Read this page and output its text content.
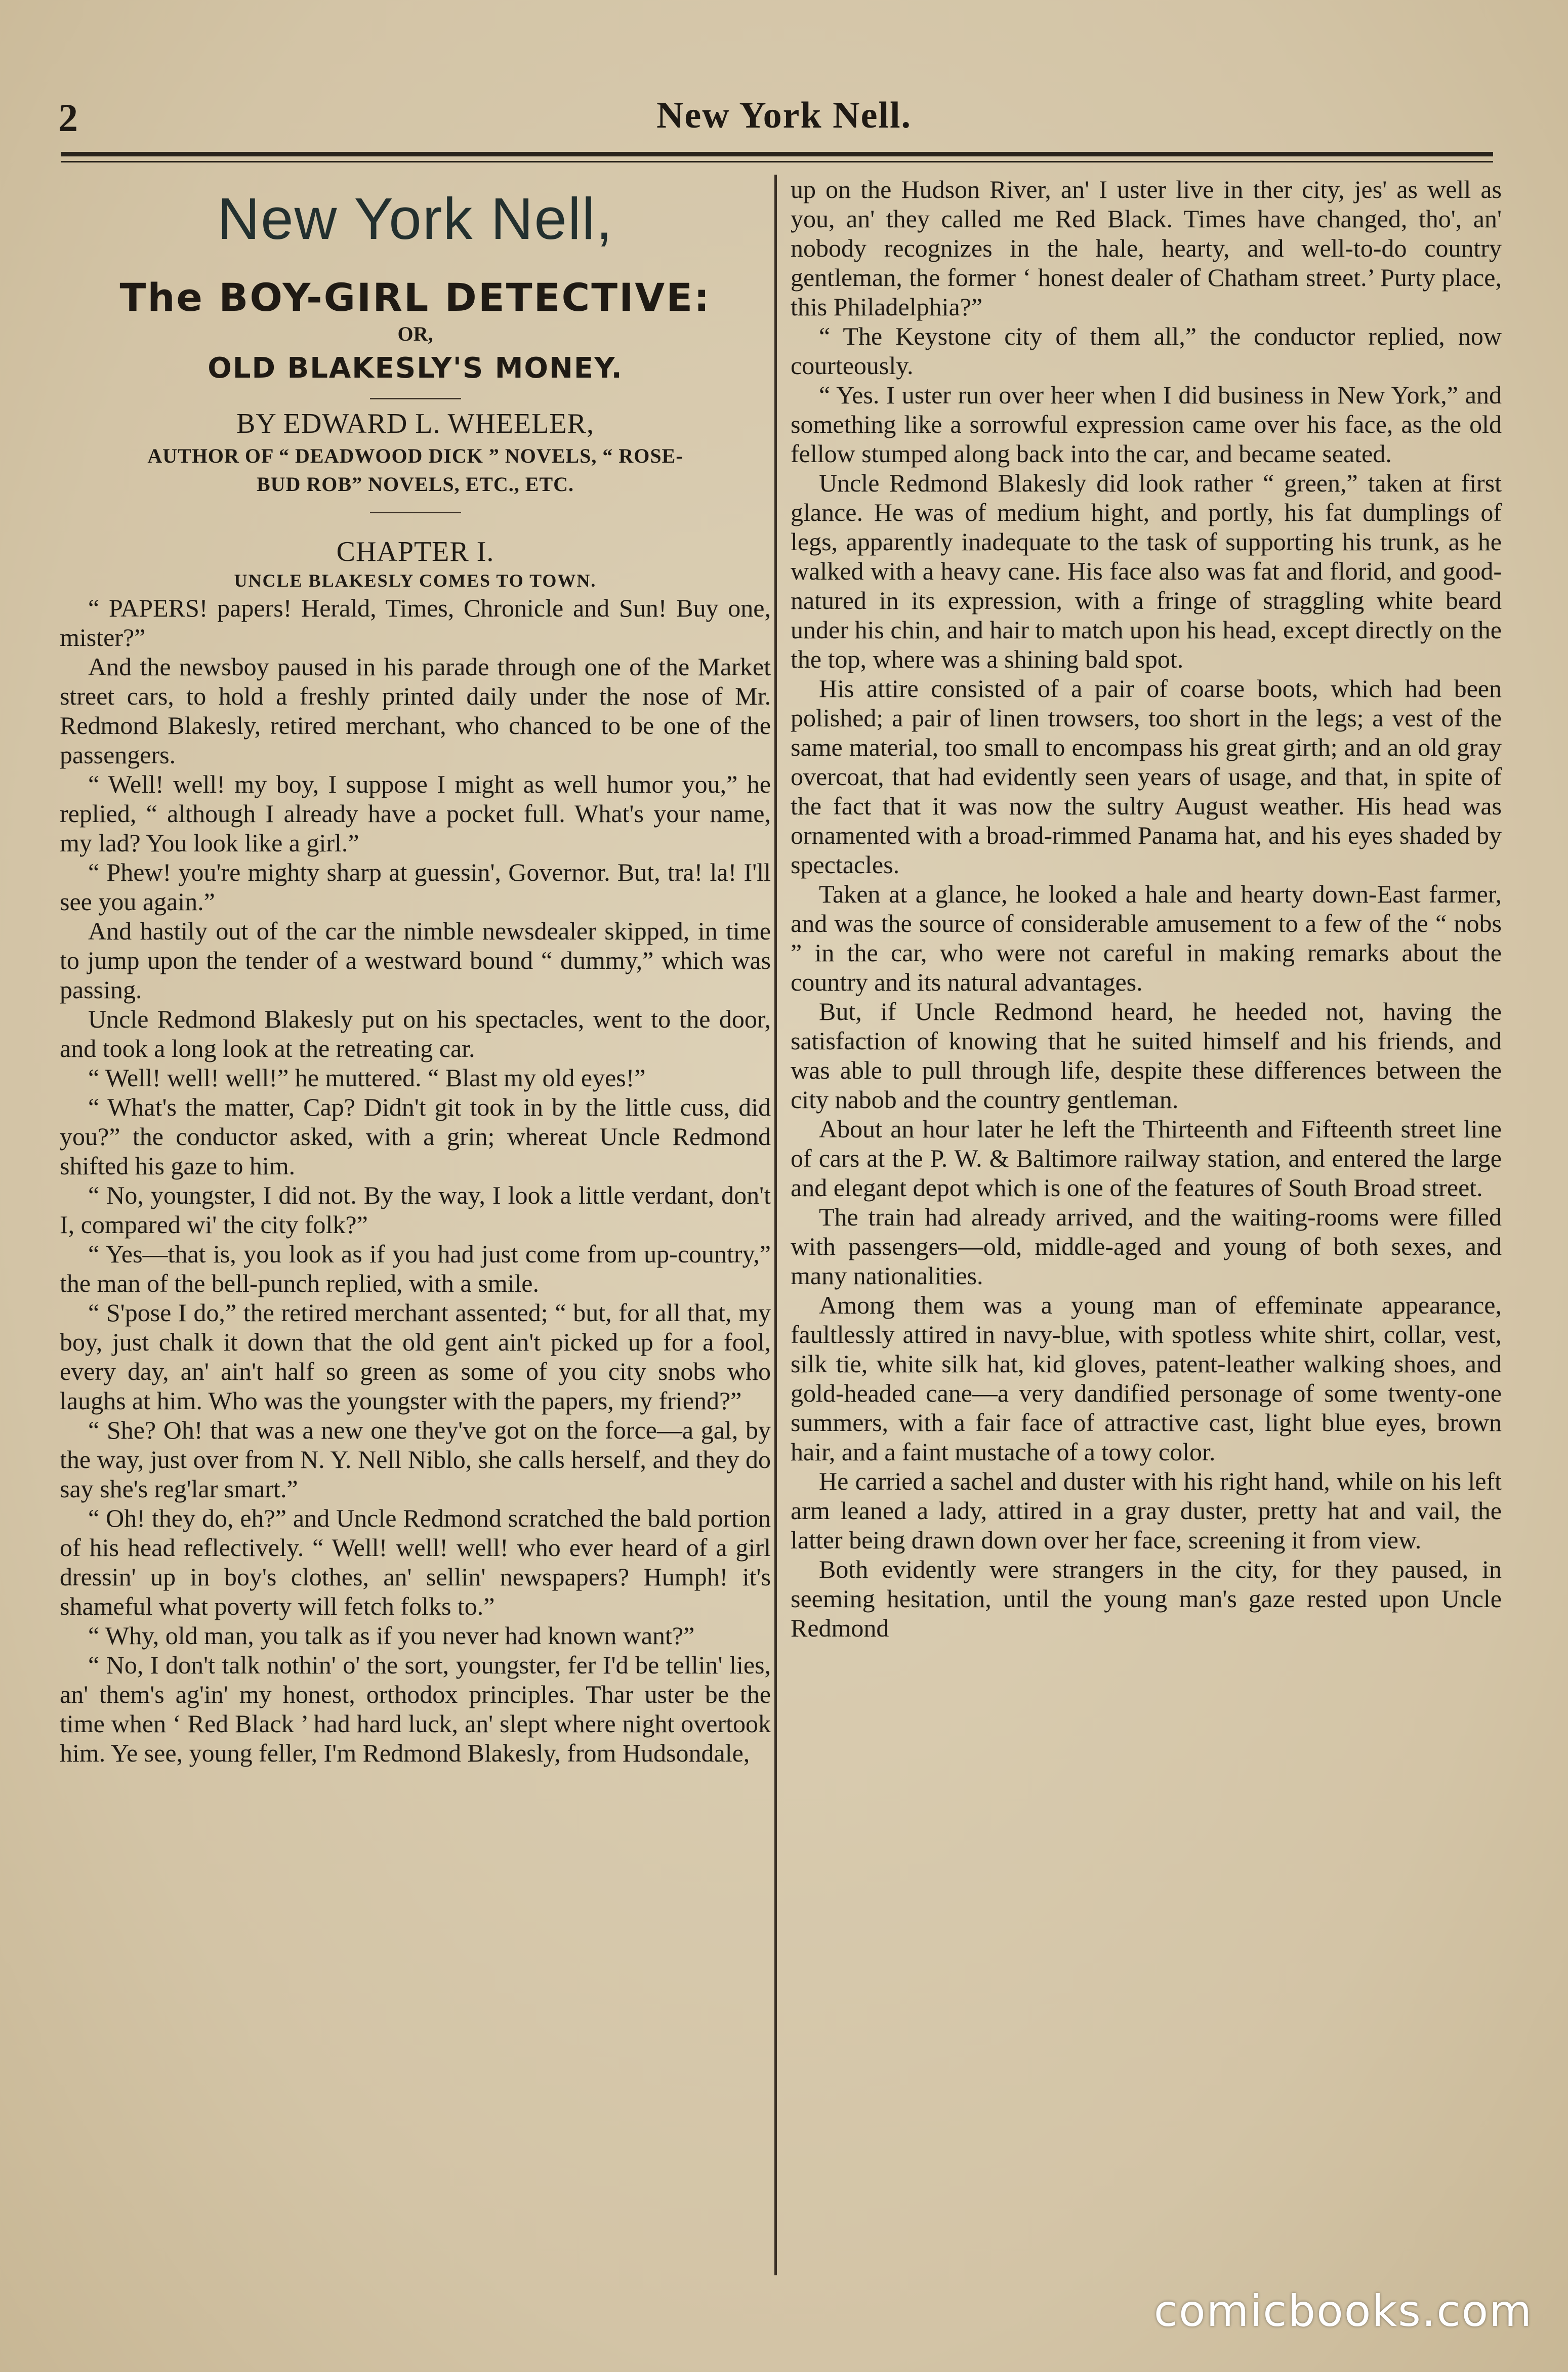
2	New York Nell.
New York Nell,
The BOY-GIRL DETECTIVE:
OR,
OLD BLAKESLY'S MONEY.
BY EDWARD L. WHEELER,
AUTHOR OF “ DEADWOOD DICK ” NOVELS, “ ROSE-
BUD ROB” NOVELS, ETC., ETC.
CHAPTER I.
UNCLE BLAKESLY COMES TO TOWN.

“ PAPERS! papers! Herald, Times, Chronicle and Sun! Buy one, mister?”

And the newsboy paused in his parade through one of the Market street cars, to hold a freshly printed daily under the nose of Mr. Redmond Blakesly, retired merchant, who chanced to be one of the passengers.

“ Well! well! my boy, I suppose I might as well humor you,” he replied, “ although I already have a pocket full. What's your name, my lad? You look like a girl.”

“ Phew! you're mighty sharp at guessin', Governor. But, tra! la! I'll see you again.”

And hastily out of the car the nimble newsdealer skipped, in time to jump upon the tender of a westward bound “ dummy,” which was passing.

Uncle Redmond Blakesly put on his spectacles, went to the door, and took a long look at the retreating car.

“ Well! well! well!” he muttered. “ Blast my old eyes!”

“ What's the matter, Cap? Didn't git took in by the little cuss, did you?” the conductor asked, with a grin; whereat Uncle Redmond shifted his gaze to him.

“ No, youngster, I did not. By the way, I look a little verdant, don't I, compared wi' the city folk?”

“ Yes—that is, you look as if you had just come from up-country,” the man of the bell-punch replied, with a smile.

“ S'pose I do,” the retired merchant assented; “ but, for all that, my boy, just chalk it down that the old gent ain't picked up for a fool, every day, an' ain't half so green as some of you city snobs who laughs at him. Who was the youngster with the papers, my friend?”

“ She? Oh! that was a new one they've got on the force—a gal, by the way, just over from N. Y. Nell Niblo, she calls herself, and they do say she's reg'lar smart.”

“ Oh! they do, eh?” and Uncle Redmond scratched the bald portion of his head reflectively. “ Well! well! well! who ever heard of a girl dressin' up in boy's clothes, an' sellin' newspapers? Humph! it's shameful what poverty will fetch folks to.”

“ Why, old man, you talk as if you never had known want?”

“ No, I don't talk nothin' o' the sort, youngster, fer I'd be tellin' lies, an' them's ag'in' my honest, orthodox principles. Thar uster be the time when ‘ Red Black ’ had hard luck, an' slept where night overtook him. Ye see, young feller, I'm Redmond Blakesly, from Hudsondale,

up on the Hudson River, an' I uster live in ther city, jes' as well as you, an' they called me Red Black. Times have changed, tho', an' nobody recognizes in the hale, hearty, and well-to-do country gentleman, the former ‘ honest dealer of Chatham street.’ Purty place, this Philadelphia?”

“ The Keystone city of them all,” the conductor replied, now courteously.

“ Yes. I uster run over heer when I did business in New York,” and something like a sorrowful expression came over his face, as the old fellow stumped along back into the car, and became seated.

Uncle Redmond Blakesly did look rather “ green,” taken at first glance. He was of medium hight, and portly, his fat dumplings of legs, apparently inadequate to the task of supporting his trunk, as he walked with a heavy cane. His face also was fat and florid, and good-natured in its expression, with a fringe of straggling white beard under his chin, and hair to match upon his head, except directly on the the top, where was a shining bald spot.

His attire consisted of a pair of coarse boots, which had been polished; a pair of linen trowsers, too short in the legs; a vest of the same material, too small to encompass his great girth; and an old gray overcoat, that had evidently seen years of usage, and that, in spite of the fact that it was now the sultry August weather. His head was ornamented with a broad-rimmed Panama hat, and his eyes shaded by spectacles.

Taken at a glance, he looked a hale and hearty down-East farmer, and was the source of considerable amusement to a few of the “ nobs ” in the car, who were not careful in making remarks about the country and its natural advantages.

But, if Uncle Redmond heard, he heeded not, having the satisfaction of knowing that he suited himself and his friends, and was able to pull through life, despite these differences between the city nabob and the country gentleman.

About an hour later he left the Thirteenth and Fifteenth street line of cars at the P. W. & Baltimore railway station, and entered the large and elegant depot which is one of the features of South Broad street.

The train had already arrived, and the waiting-rooms were filled with passengers—old, middle-aged and young of both sexes, and many nationalities.

Among them was a young man of effeminate appearance, faultlessly attired in navy-blue, with spotless white shirt, collar, vest, silk tie, white silk hat, kid gloves, patent-leather walking shoes, and gold-headed cane—a very dandified personage of some twenty-one summers, with a fair face of attractive cast, light blue eyes, brown hair, and a faint mustache of a towy color.

He carried a sachel and duster with his right hand, while on his left arm leaned a lady, attired in a gray duster, pretty hat and vail, the latter being drawn down over her face, screening it from view.

Both evidently were strangers in the city, for they paused, in seeming hesitation, until the young man's gaze rested upon Uncle Redmond

comicbooks.com
